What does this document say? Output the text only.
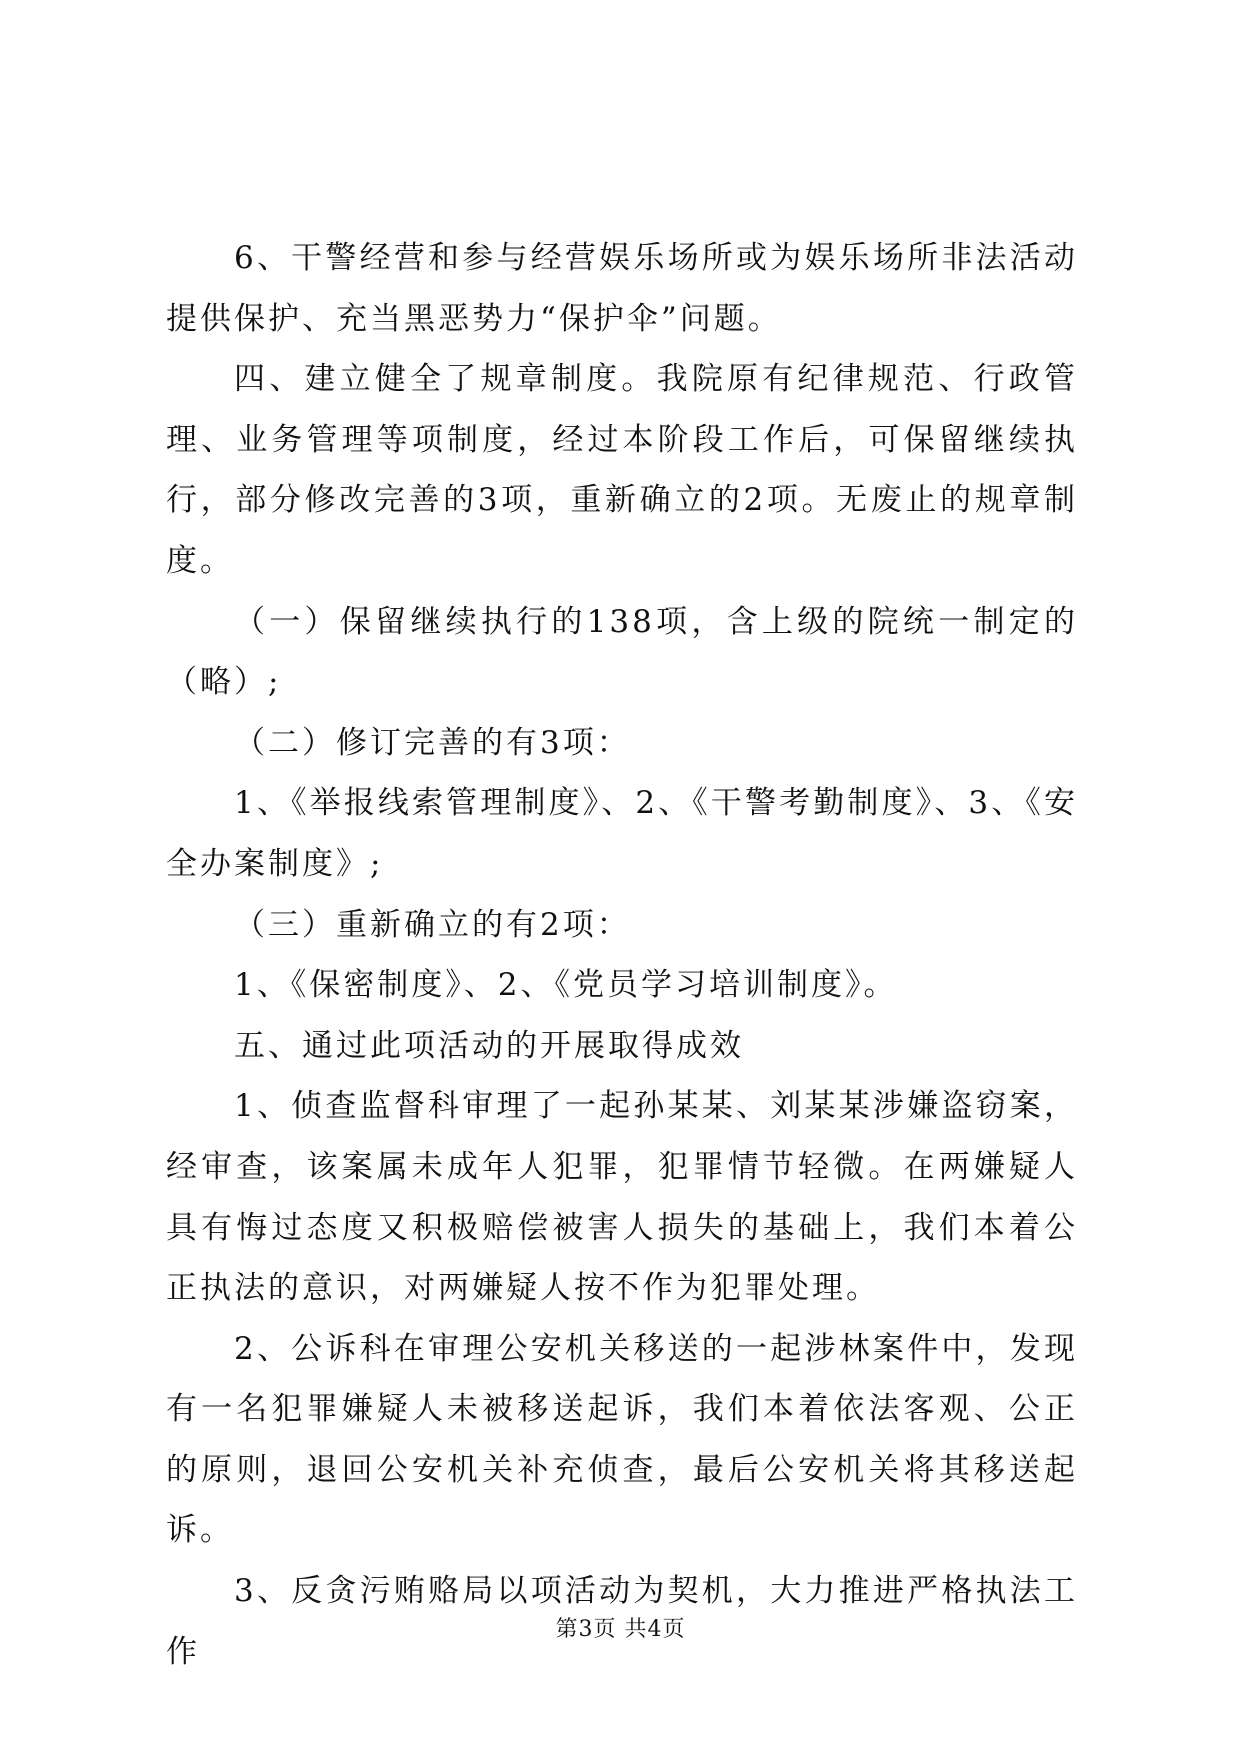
6、干警经营和参与经营娱乐场所或为娱乐场所非法活动提供保护、充当黑恶势力“保护伞”问题。

四、建立健全了规章制度。我院原有纪律规范、行政管理、业务管理等项制度，经过本阶段工作后，可保留继续执行，部分修改完善的3项，重新确立的2项。无废止的规章制度。

（一）保留继续执行的138项，含上级的院统一制定的（略）;

（二）修订完善的有3项：

1、《举报线索管理制度》、2、《干警考勤制度》、3、《安全办案制度》;

（三）重新确立的有2项：

1、《保密制度》、2、《党员学习培训制度》。

五、通过此项活动的开展取得成效

1、侦查监督科审理了一起孙某某、刘某某涉嫌盗窃案，经审查，该案属未成年人犯罪，犯罪情节轻微。在两嫌疑人具有悔过态度又积极赔偿被害人损失的基础上，我们本着公正执法的意识，对两嫌疑人按不作为犯罪处理。

2、公诉科在审理公安机关移送的一起涉林案件中，发现有一名犯罪嫌疑人未被移送起诉，我们本着依法客观、公正的原则，退回公安机关补充侦查，最后公安机关将其移送起诉。

3、反贪污贿赂局以项活动为契机，大力推进严格执法工作

第3页 共4页
